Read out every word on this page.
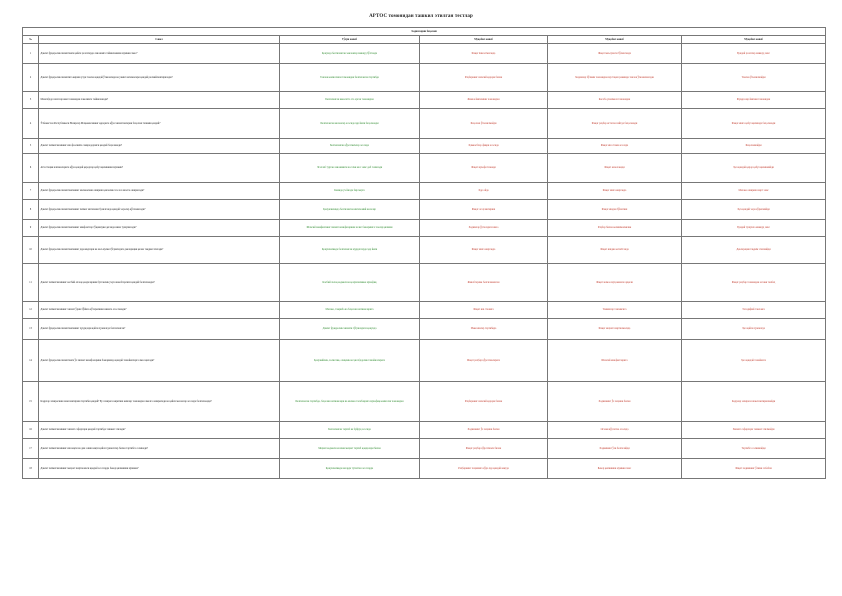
АРТОС томонидан ташкил этилган тестлар
Ходимларни баҳолаш					
№	Савол	Тўғри жавоб	Муқобил жавоб	Муқобил жавоб	Муқобил жавоб
1	Давлат фуқаролик хизматчиси қайси ҳолатларда лавозимга тайинланиши мумкин эмас?	Қонунда белгиланган чекловлар мавжуд бўлганда	Фақат ёши етмаганда	Фақат маълумоти бўлмаганда	Бундай ҳолатлар мавжуд эмас
2	Давлат фуқаролик хизматига кириш учун танлов қандай ўтказилади ва унинг натижалари қандай расмийлаштирилади?	Танлов комиссияси томонидан белгиланган тартибда	Раҳбарнинг шахсий қарори билан	Ходимлар бўлими томонидан мустақил равишда танлов ўтказилмасдан	Танлов ўтказилмайди
3	Мансабдор шахслар ким томонидан лавозимга тайинланади?	Белгиланган ваколатга эга орган томонидан	Жамоа йиғилиши томонидан	Касаба уюшмаси томонидан	Фуқаролар йиғини томонидан
4	Ўзбекистон Республикаси Вазирлар Маҳкамасининг қарорига кўра хизматчиларни баҳолаш тизими қандай?	Белгиланган мезонлар асосида ҳар йили баҳоланади	Баҳолаш ўтказилмайди	Фақат раҳбар истаган пайтда баҳоланади	Фақат ишга қабул қилишда баҳоланади
5	Давлат хизматчисининг иш фаолияти самарадорлиги қандай баҳоланади?	Белгиланган кўрсаткичлар асосида	Ҳамкасблар фикри асосида	Фақат иш стажи асосида	Баҳоланмайди
6	Аттестация натижаларига кўра қандай қарорлар қабул қилиниши мумкин?	Эгаллаб турган лавозимига мос ёки мос эмас деб топилади	Фақат мукофотланади	Фақат жазоланади	Ҳеч қандай қарор қабул қилинмайди
7	Давлат фуқаролик хизматчисининг малакасини ошириш қанчалик тез-тез амалга оширилади?	Камида уч йилда бир марта	Ҳар ойда	Фақат ишга кирганда	Малака ошириш шарт эмас
8	Давлат фуқаролик хизматчисининг хизмат интизоми бузилганда қандай чоралар қўлланилади?	Қонунчиликда белгиланган интизомий жазолар	Фақат огоҳлантириш	Фақат ишдан бўшатиш	Ҳеч қандай чора кўрилмайди
9	Давлат фуқаролик хизматчисининг манфаатлар тўқнашуви деганда нима тушунилади?	Шахсий манфаатнинг хизмат вазифаларини холис бажаришга таъсир қилиши	Ходимлар ўртасидаги низо	Раҳбар билан келишмовчилик	Бундай тушунча мавжуд эмас
10	Давлат фуқаролик хизматчисининг даромадлари ва мол-мулки тўғрисидаги декларация қачон тақдим этилади?	Қонунчиликда белгиланган муддатларда ҳар йили	Фақат ишга кирганда	Фақат ишдан кетаётганда	Декларация тақдим этилмайди
11	Давлат хизматчисининг касбий ахлоқ қоидаларини бузганлик учун жавобгарлиги қандай белгиланади?	Касбий ахлоқ кодекси ва қонунчиликка мувофиқ	Жавобгарлик белгиланмаган	Фақат жамоа муҳокамаси орқали	Фақат раҳбар томонидан оғзаки танбеҳ
12	Давлат хизматчисининг хизмат ўрни бўйича кўтарилиши нимага асосланади?	Малака, тажриба ва баҳолаш натижаларига	Фақат иш стажига	Танишлар тавсиясига	Тасодифий танловга
13	Давлат фуқаролик хизматчисининг ҳуқуқлари қайси ҳужжатда белгиланган?	Давлат фуқаролик хизмати тўғрисидаги қонунда	Ички ишлар тартибида	Фақат меҳнат шартномасида	Ҳеч қайси ҳужжатда
14	Давлат фуқаролик хизматчиси ўз хизмат вазифаларини бажаришда қандай тамойилларга амал қилади?	Қонунийлик, холислик, очиқлик ва ҳисобдорлик тамойилларига	Фақат раҳбар кўрсатмаларига	Шахсий манфаатларига	Ҳеч қандай тамойилга
15	Кадрлар захирасини шакллантириш тартиби қандай? Бу захирага киритиш кимлар томонидан амалга оширилади ва қайси мезонлар асосида белгиланади?	Белгиланган тартибда, баҳолаш натижалари ва малака талабларига мувофиқ комиссия томонидан	Раҳбарнинг шахсий қарори билан	Ходимнинг ўз хоҳиши билан	Кадрлар захираси шакллантирилмайди
16	Давлат хизматчисининг хизмат сафарлари қандай тартибда ташкил этилади?	Белгиланган тартиб ва буйруқ асосида	Ходимнинг ўз хоҳиши билан	Оғзаки кўрсатма асосида	Хизмат сафарлари ташкил этилмайди
17	Давлат хизматчисининг иш вақти ва дам олиш вақти қайси ҳужжатлар билан тартибга солинади?	Меҳнат кодекси ва ички меҳнат тартиб қоидалари билан	Фақат раҳбар кўрсатмаси билан	Ходимнинг ўзи белгилайди	Тартибга солинмайди
18	Давлат хизматчисининг меҳнат шартномаси қандай асосларда бекор қилиниши мумкин?	Қонунчиликда назарда тутилган асосларда	Раҳбарнинг хоҳишига кўра ҳар қандай вақтда	Бекор қилиниши мумкин эмас	Фақат ходимнинг ўлими сабабли
